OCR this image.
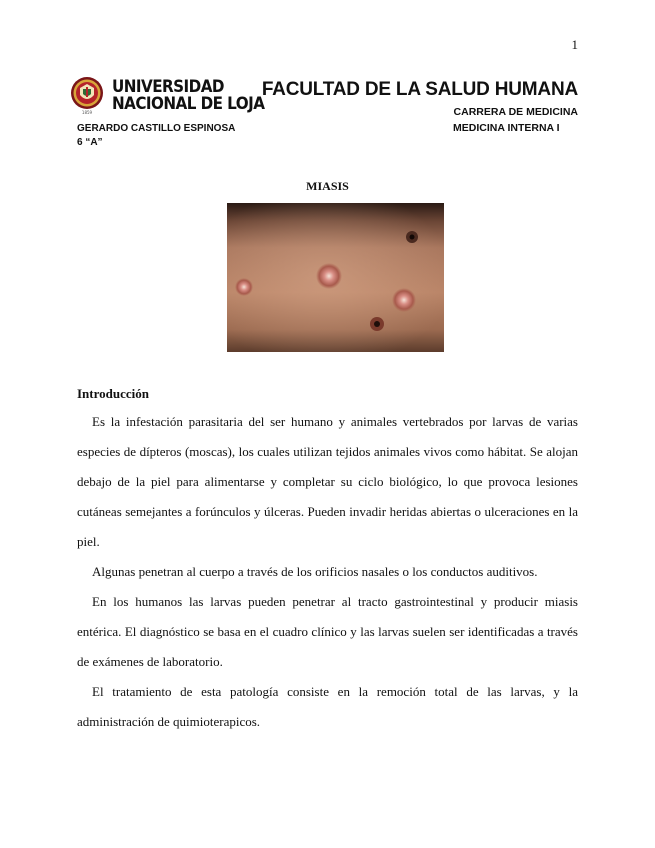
1
1859
UNIVERSIDAD
NACIONAL DE LOJA
FACULTAD DE LA SALUD HUMANA
CARRERA DE MEDICINA
MEDICINA INTERNA I
GERARDO CASTILLO ESPINOSA
6 “A”
MIASIS
Introducción

Es la infestación parasitaria del ser humano y animales vertebrados por larvas de varias especies de dípteros (moscas), los cuales utilizan tejidos animales vivos como hábitat. Se alojan debajo de la piel para alimentarse y completar su ciclo biológico, lo que provoca lesiones cutáneas semejantes a forúnculos y úlceras. Pueden invadir heridas abiertas o ulceraciones en la piel.

Algunas penetran al cuerpo a través de los orificios nasales o los conductos auditivos.

En los humanos las larvas pueden penetrar al tracto gastrointestinal y producir miasis entérica. El diagnóstico se basa en el cuadro clínico y las larvas suelen ser identificadas a través de exámenes de laboratorio.

El tratamiento de esta patología consiste en la remoción total de las larvas, y la administración de quimioterapicos.
